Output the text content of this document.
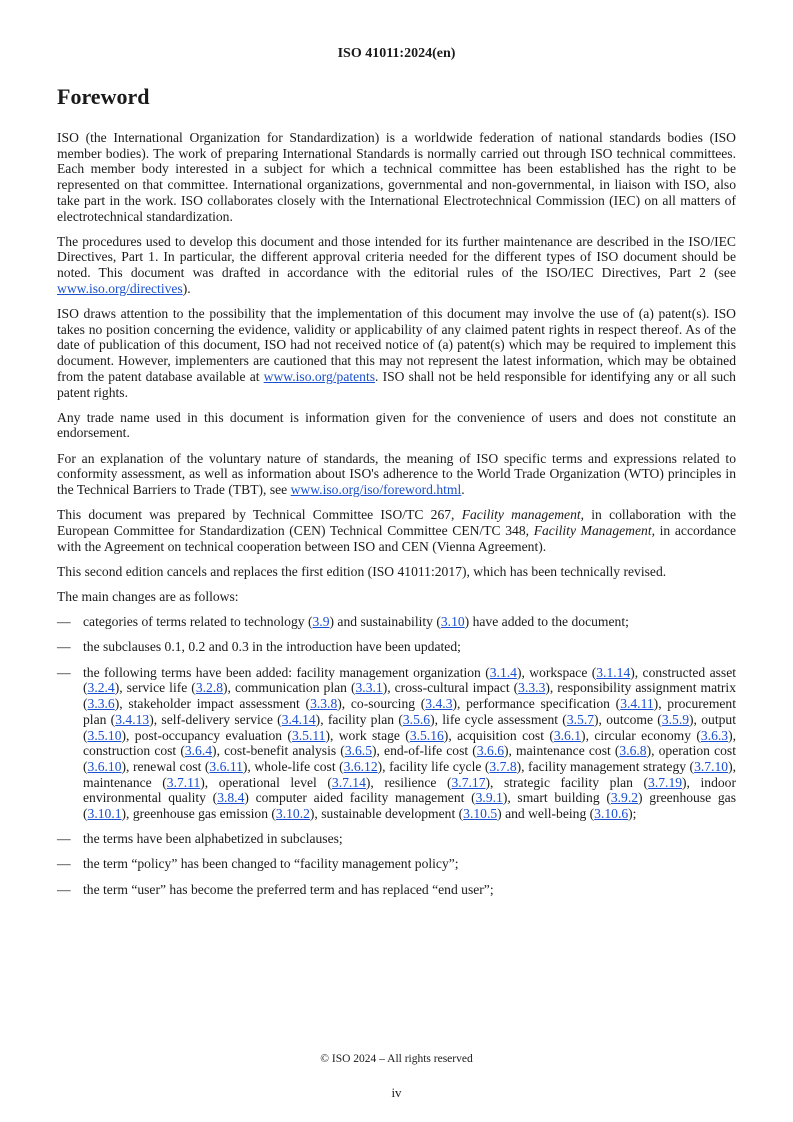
ISO 41011:2024(en)
Foreword

ISO (the International Organization for Standardization) is a worldwide federation of national standards bodies (ISO member bodies). The work of preparing International Standards is normally carried out through ISO technical committees. Each member body interested in a subject for which a technical committee has been established has the right to be represented on that committee. International organizations, governmental and non-governmental, in liaison with ISO, also take part in the work. ISO collaborates closely with the International Electrotechnical Commission (IEC) on all matters of electrotechnical standardization.

The procedures used to develop this document and those intended for its further maintenance are described in the ISO/IEC Directives, Part 1. In particular, the different approval criteria needed for the different types of ISO document should be noted. This document was drafted in accordance with the editorial rules of the ISO/IEC Directives, Part 2 (see www.iso.org/directives).

ISO draws attention to the possibility that the implementation of this document may involve the use of (a) patent(s). ISO takes no position concerning the evidence, validity or applicability of any claimed patent rights in respect thereof. As of the date of publication of this document, ISO had not received notice of (a) patent(s) which may be required to implement this document. However, implementers are cautioned that this may not represent the latest information, which may be obtained from the patent database available at www.iso.org/patents. ISO shall not be held responsible for identifying any or all such patent rights.

Any trade name used in this document is information given for the convenience of users and does not constitute an endorsement.

For an explanation of the voluntary nature of standards, the meaning of ISO specific terms and expressions related to conformity assessment, as well as information about ISO's adherence to the World Trade Organization (WTO) principles in the Technical Barriers to Trade (TBT), see www.iso.org/iso/foreword.html.

This document was prepared by Technical Committee ISO/TC 267, Facility management, in collaboration with the European Committee for Standardization (CEN) Technical Committee CEN/TC 348, Facility Management, in accordance with the Agreement on technical cooperation between ISO and CEN (Vienna Agreement).

This second edition cancels and replaces the first edition (ISO 41011:2017), which has been technically revised.

The main changes are as follows:

— categories of terms related to technology (3.9) and sustainability (3.10) have added to the document;
— the subclauses 0.1, 0.2 and 0.3 in the introduction have been updated;
— the following terms have been added: facility management organization (3.1.4), workspace (3.1.14), constructed asset (3.2.4), service life (3.2.8), communication plan (3.3.1), cross-cultural impact (3.3.3), responsibility assignment matrix (3.3.6), stakeholder impact assessment (3.3.8), co-sourcing (3.4.3), performance specification (3.4.11), procurement plan (3.4.13), self-delivery service (3.4.14), facility plan (3.5.6), life cycle assessment (3.5.7), outcome (3.5.9), output (3.5.10), post-occupancy evaluation (3.5.11), work stage (3.5.16), acquisition cost (3.6.1), circular economy (3.6.3), construction cost (3.6.4), cost-benefit analysis (3.6.5), end-of-life cost (3.6.6), maintenance cost (3.6.8), operation cost (3.6.10), renewal cost (3.6.11), whole-life cost (3.6.12), facility life cycle (3.7.8), facility management strategy (3.7.10), maintenance (3.7.11), operational level (3.7.14), resilience (3.7.17), strategic facility plan (3.7.19), indoor environmental quality (3.8.4) computer aided facility management (3.9.1), smart building (3.9.2) greenhouse gas (3.10.1), greenhouse gas emission (3.10.2), sustainable development (3.10.5) and well-being (3.10.6);
— the terms have been alphabetized in subclauses;
— the term “policy” has been changed to “facility management policy”;
— the term “user” has become the preferred term and has replaced “end user”;
© ISO 2024 – All rights reserved
iv
